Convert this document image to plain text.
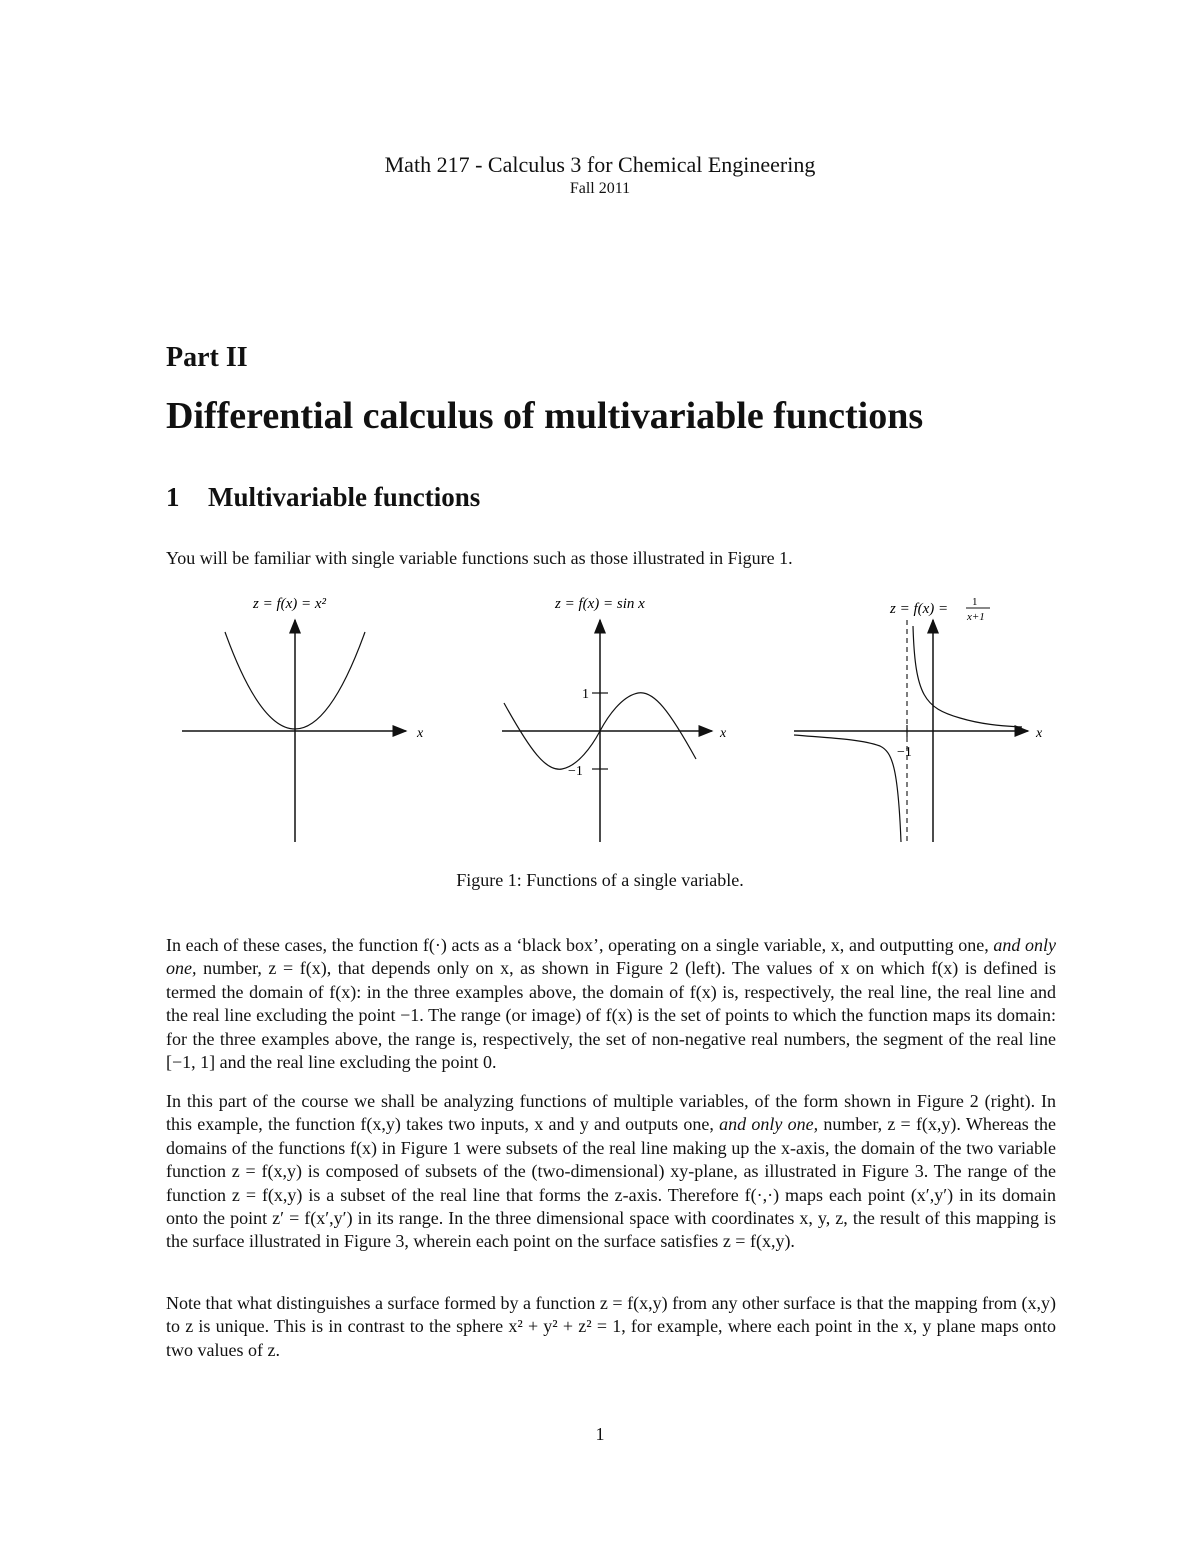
Math 217 - Calculus 3 for Chemical Engineering
Fall 2011
Part II
Differential calculus of multivariable functions
1 Multivariable functions
You will be familiar with single variable functions such as those illustrated in Figure 1.
z = f(x) = x²
x
z = f(x) = sin x
1
−1
x
z = f(x) = 1
x+1
−1
x
Figure 1: Functions of a single variable.
In each of these cases, the function f(·) acts as a ‘black box’, operating on a single variable, x, and outputting one, and only one, number, z = f(x), that depends only on x, as shown in Figure 2 (left). The values of x on which f(x) is defined is termed the domain of f(x): in the three examples above, the domain of f(x) is, respectively, the real line, the real line and the real line excluding the point −1. The range (or image) of f(x) is the set of points to which the function maps its domain: for the three examples above, the range is, respectively, the set of non-negative real numbers, the segment of the real line [−1, 1] and the real line excluding the point 0.
In this part of the course we shall be analyzing functions of multiple variables, of the form shown in Figure 2 (right). In this example, the function f(x,y) takes two inputs, x and y and outputs one, and only one, number, z = f(x,y). Whereas the domains of the functions f(x) in Figure 1 were subsets of the real line making up the x-axis, the domain of the two variable function z = f(x,y) is composed of subsets of the (two-dimensional) xy-plane, as illustrated in Figure 3. The range of the function z = f(x,y) is a subset of the real line that forms the z-axis. Therefore f(·,·) maps each point (x′,y′) in its domain onto the point z′ = f(x′,y′) in its range. In the three dimensional space with coordinates x, y, z, the result of this mapping is the surface illustrated in Figure 3, wherein each point on the surface satisfies z = f(x,y).
Note that what distinguishes a surface formed by a function z = f(x,y) from any other surface is that the mapping from (x,y) to z is unique. This is in contrast to the sphere x² + y² + z² = 1, for example, where each point in the x, y plane maps onto two values of z.
1
